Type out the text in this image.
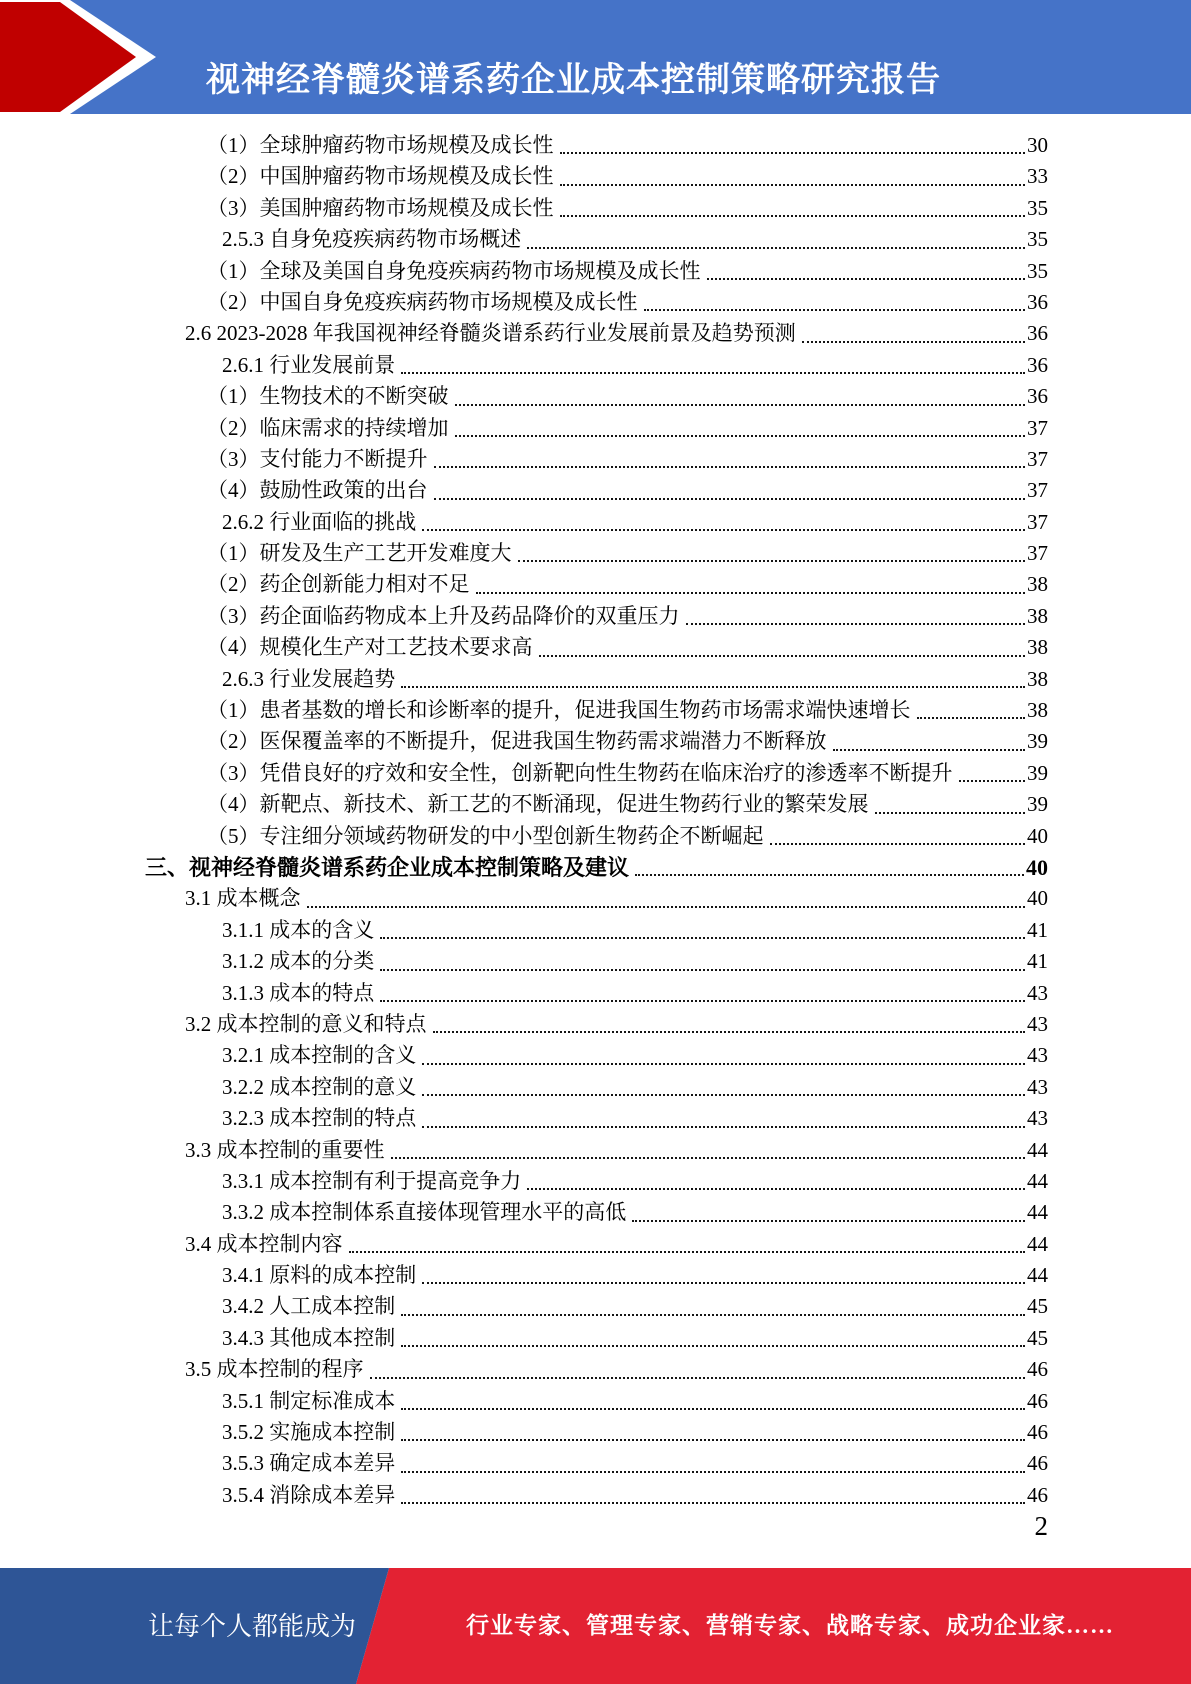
视神经脊髓炎谱系药企业成本控制策略研究报告
（1）全球肿瘤药物市场规模及成长性	30
（2）中国肿瘤药物市场规模及成长性	33
（3）美国肿瘤药物市场规模及成长性	35
2.5.3 自身免疫疾病药物市场概述	35
（1）全球及美国自身免疫疾病药物市场规模及成长性	35
（2）中国自身免疫疾病药物市场规模及成长性	36
2.6 2023-2028 年我国视神经脊髓炎谱系药行业发展前景及趋势预测	36
2.6.1 行业发展前景	36
（1）生物技术的不断突破	36
（2）临床需求的持续增加	37
（3）支付能力不断提升	37
（4）鼓励性政策的出台	37
2.6.2 行业面临的挑战	37
（1）研发及生产工艺开发难度大	37
（2）药企创新能力相对不足	38
（3）药企面临药物成本上升及药品降价的双重压力	38
（4）规模化生产对工艺技术要求高	38
2.6.3 行业发展趋势	38
（1）患者基数的增长和诊断率的提升，促进我国生物药市场需求端快速增长	38
（2）医保覆盖率的不断提升，促进我国生物药需求端潜力不断释放	39
（3）凭借良好的疗效和安全性，创新靶向性生物药在临床治疗的渗透率不断提升	39
（4）新靶点、新技术、新工艺的不断涌现，促进生物药行业的繁荣发展	39
（5）专注细分领域药物研发的中小型创新生物药企不断崛起	40
三、视神经脊髓炎谱系药企业成本控制策略及建议	40
3.1 成本概念	40
3.1.1 成本的含义	41
3.1.2 成本的分类	41
3.1.3 成本的特点	43
3.2 成本控制的意义和特点	43
3.2.1 成本控制的含义	43
3.2.2 成本控制的意义	43
3.2.3 成本控制的特点	43
3.3 成本控制的重要性	44
3.3.1 成本控制有利于提高竞争力	44
3.3.2 成本控制体系直接体现管理水平的高低	44
3.4 成本控制内容	44
3.4.1 原料的成本控制	44
3.4.2 人工成本控制	45
3.4.3 其他成本控制	45
3.5 成本控制的程序	46
3.5.1 制定标准成本	46
3.5.2 实施成本控制	46
3.5.3 确定成本差异	46
3.5.4 消除成本差异	46
2
让每个人都能成为	行业专家、管理专家、营销专家、战略专家、成功企业家……
